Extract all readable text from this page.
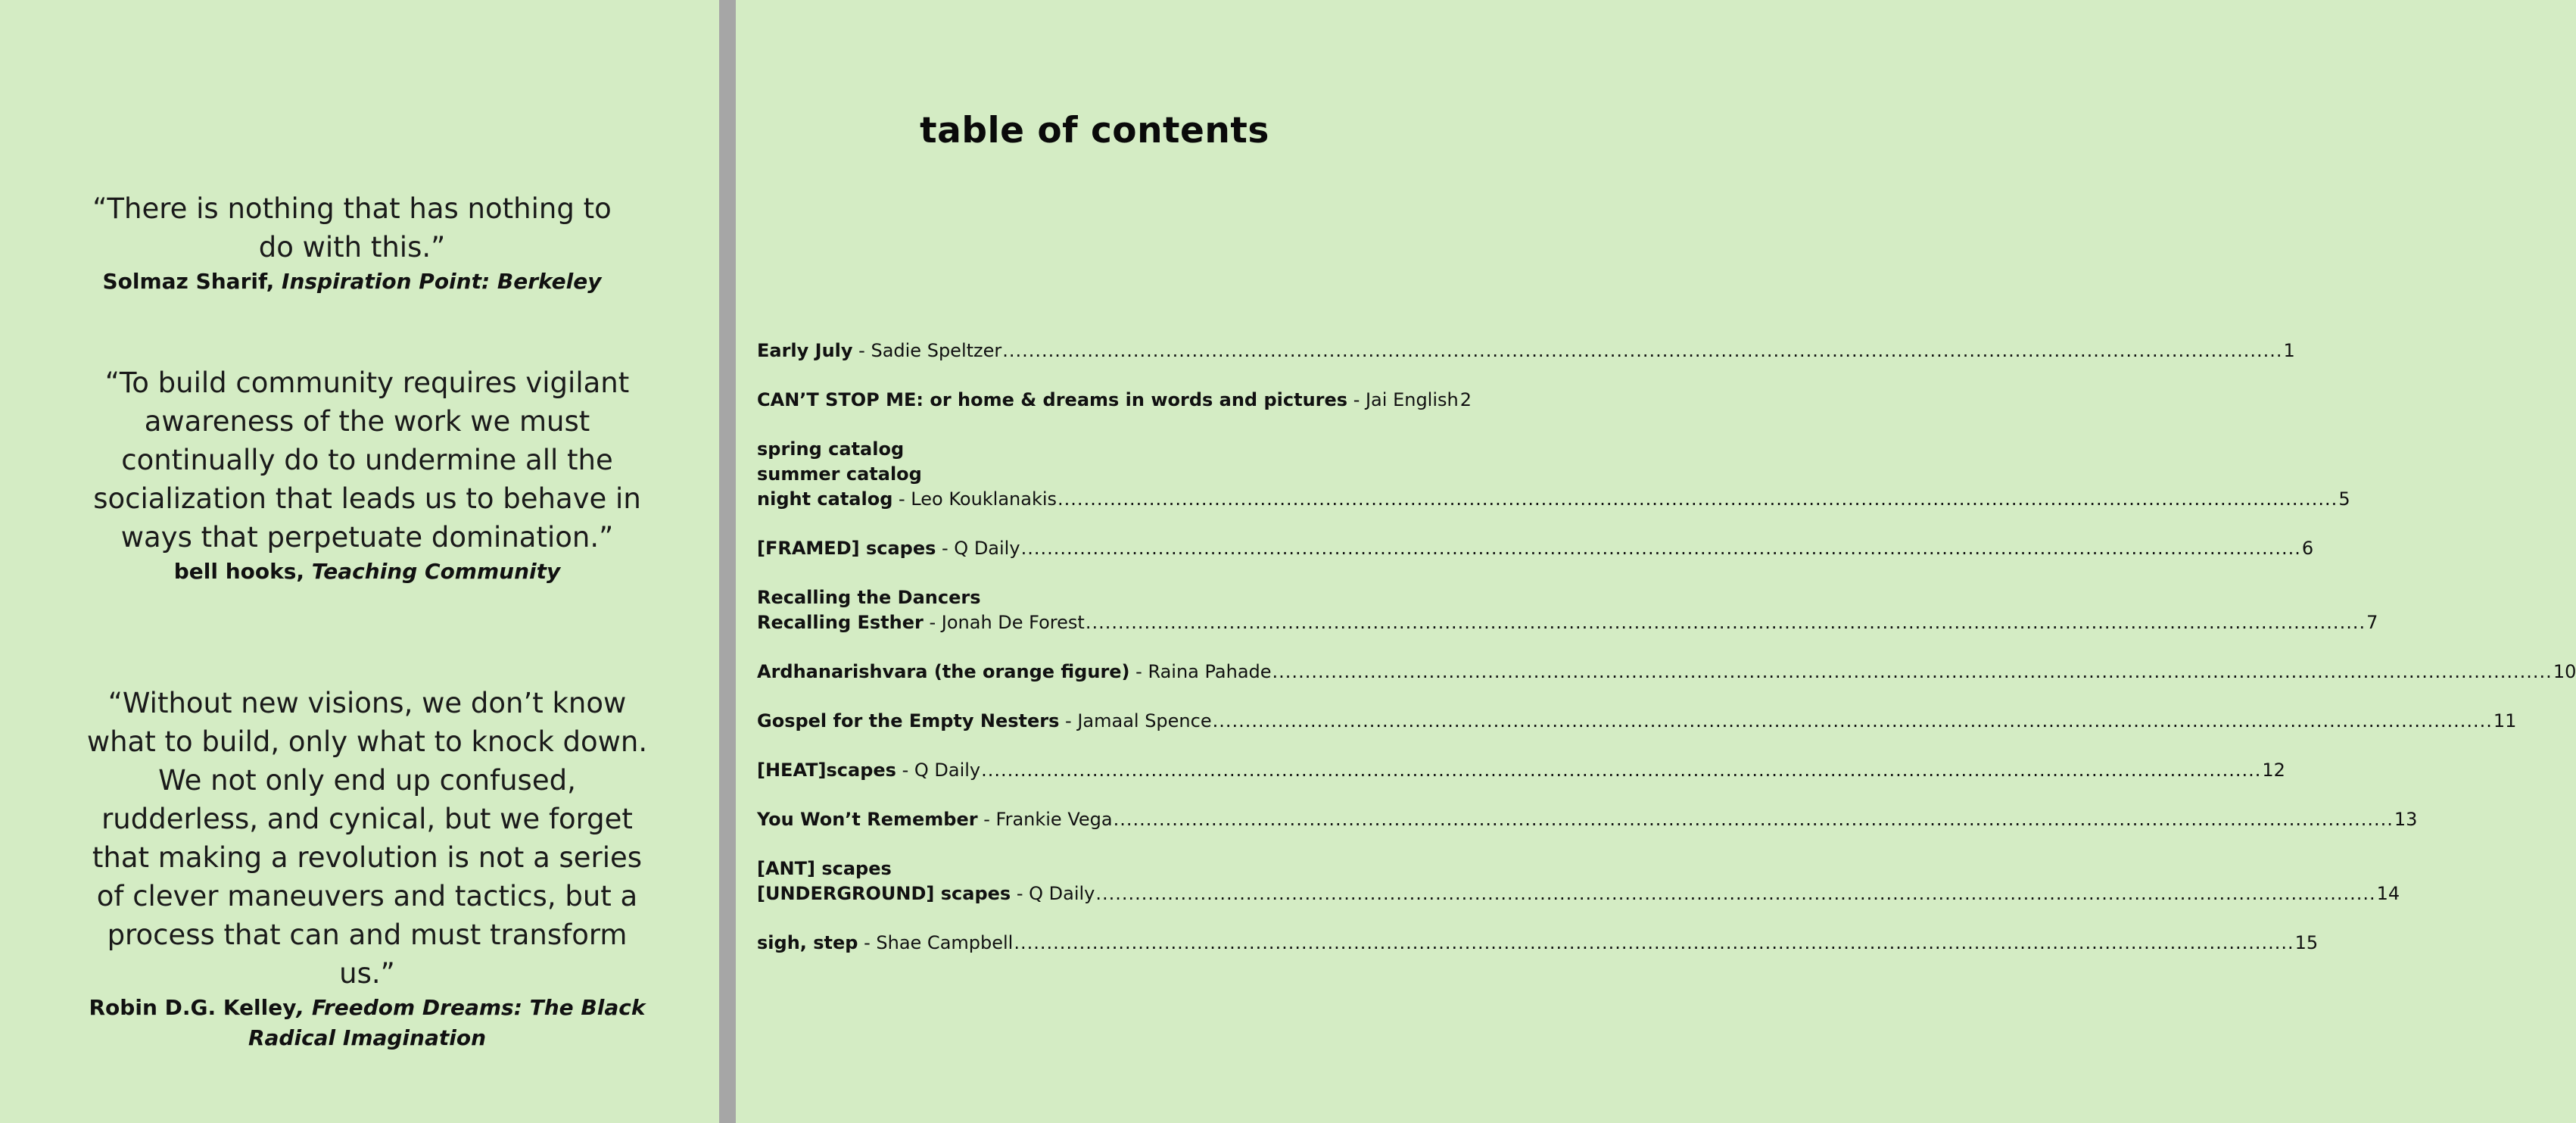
“There is nothing that has nothing to do with this.”
Solmaz Sharif, Inspiration Point: Berkeley
“To build community requires vigilant awareness of the work we must continually do to undermine all the socialization that leads us to behave in ways that perpetuate domination.”
bell hooks, Teaching Community
“Without new visions, we don’t know what to build, only what to knock down. We not only end up confused, rudderless, and cynical, but we forget that making a revolution is not a series of clever maneuvers and tactics, but a process that can and must transform us.”
Robin D.G. Kelley, Freedom Dreams: The Black Radical Imagination
table of contents
Early July - Sadie Speltzer .....	1
CAN’T STOP ME: or home & dreams in words and pictures - Jai English 2
spring catalog
summer catalog
night catalog - Leo Kouklanakis .....	5
[FRAMED] scapes - Q Daily .....	6
Recalling the Dancers
Recalling Esther - Jonah De Forest .....	7
Ardhanarishvara (the orange figure) - Raina Pahade .....	10
Gospel for the Empty Nesters - Jamaal Spence .....	11
[HEAT]scapes - Q Daily .....	12
You Won’t Remember - Frankie Vega .....	13
[ANT] scapes
[UNDERGROUND] scapes - Q Daily .....	14
sigh, step - Shae Campbell .....	15
